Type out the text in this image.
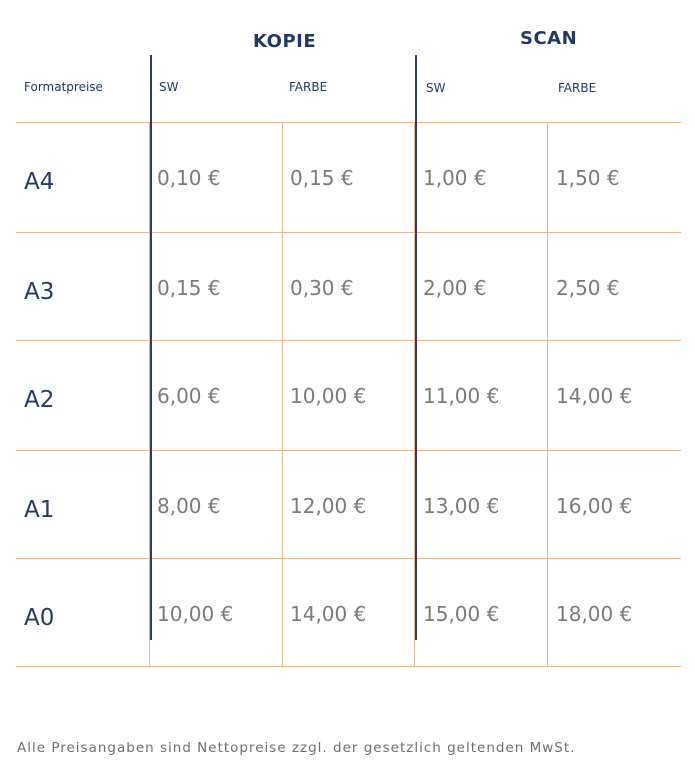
KOPIE	SCAN
Formatpreise	SW	FARBE	SW	FARBE
A4	0,10 €	0,15 €	1,00 €	1,50 €
A3	0,15 €	0,30 €	2,00 €	2,50 €
A2	6,00 €	10,00 €	11,00 €	14,00 €
A1	8,00 €	12,00 €	13,00 €	16,00 €
A0	10,00 €	14,00 €	15,00 €	18,00 €
Alle Preisangaben sind Nettopreise zzgl. der gesetzlich geltenden MwSt.
